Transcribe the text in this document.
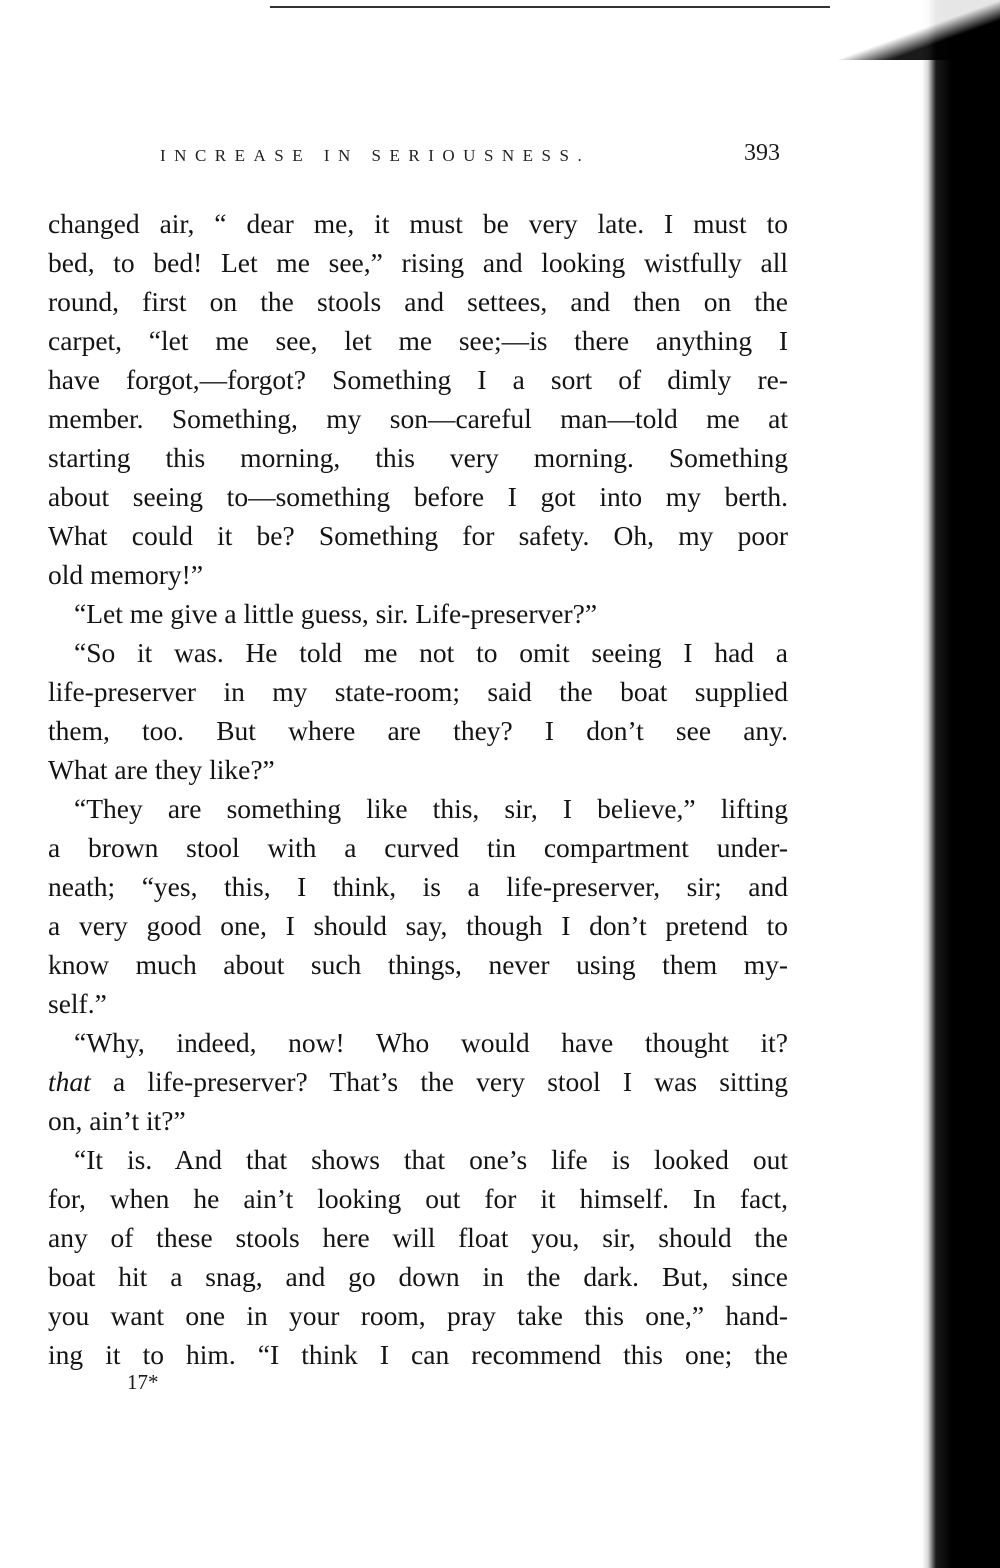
INCREASE IN SERIOUSNESS.	393
changed air, “ dear me, it must be very late. I must to
bed, to bed! Let me see,” rising and looking wistfully all
round, first on the stools and settees, and then on the
carpet, “let me see, let me see;—is there anything I
have forgot,—forgot? Something I a sort of dimly re-
member. Something, my son—careful man—told me at
starting this morning, this very morning. Something
about seeing to—something before I got into my berth.
What could it be? Something for safety. Oh, my poor
old memory!”
“Let me give a little guess, sir. Life-preserver?”
“So it was. He told me not to omit seeing I had a
life-preserver in my state-room; said the boat supplied
them, too. But where are they? I don’t see any.
What are they like?”
“They are something like this, sir, I believe,” lifting
a brown stool with a curved tin compartment under-
neath; “yes, this, I think, is a life-preserver, sir; and
a very good one, I should say, though I don’t pretend to
know much about such things, never using them my-
self.”
“Why, indeed, now! Who would have thought it?
that a life-preserver? That’s the very stool I was sitting
on, ain’t it?”
“It is. And that shows that one’s life is looked out
for, when he ain’t looking out for it himself. In fact,
any of these stools here will float you, sir, should the
boat hit a snag, and go down in the dark. But, since
you want one in your room, pray take this one,” hand-
ing it to him. “I think I can recommend this one; the
17*
